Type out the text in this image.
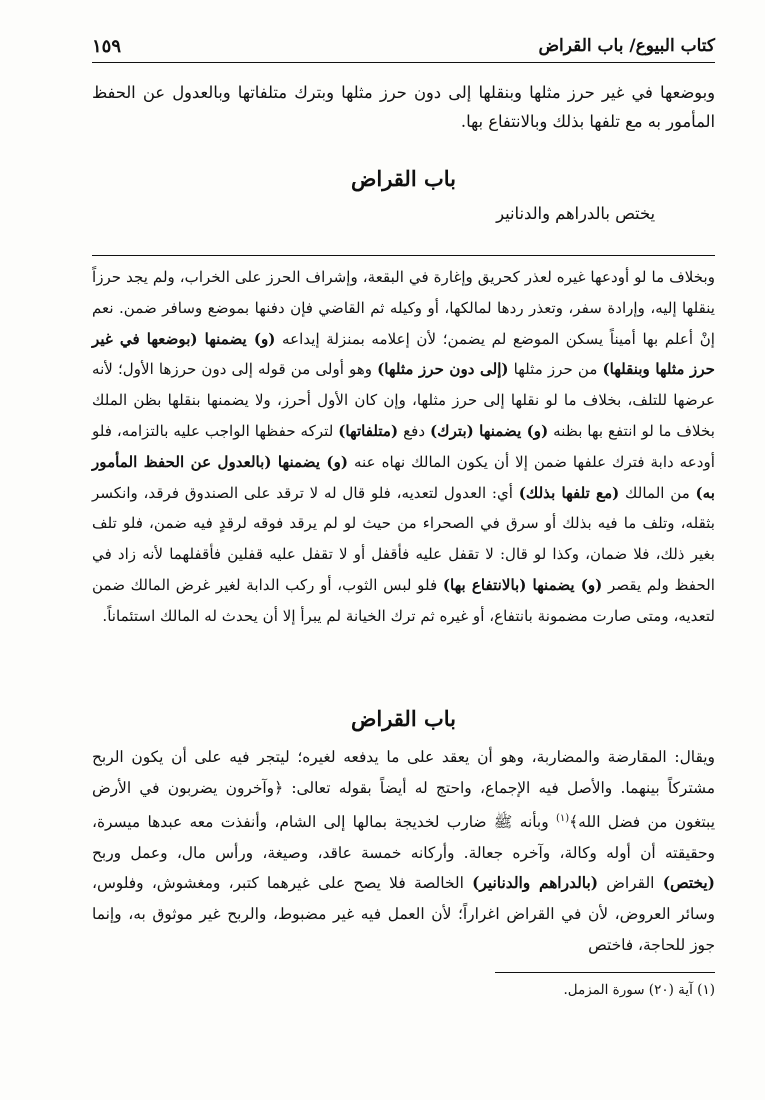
كتاب البيوع/ باب القراض
١٥٩

وبوضعها في غير حرز مثلها وبنقلها إلى دون حرز مثلها وبترك متلفاتها وبالعدول عن الحفظ المأمور به مع تلفها بذلك وبالانتفاع بها.

باب القراض
يختص بالدراهم والدنانير

وبخلاف ما لو أودعها غيره لعذر كحريق وإغارة في البقعة، وإشراف الحرز على الخراب، ولم يجد حرزاً ينقلها إليه، وإرادة سفر، وتعذر ردها لمالكها، أو وكيله ثم القاضي فإن دفنها بموضع وسافر ضمن. نعم إنْ أعلم بها أميناً يسكن الموضع لم يضمن؛ لأن إعلامه بمنزلة إيداعه (و) يضمنها (بوضعها في غير حرز مثلها وبنقلها) من حرز مثلها (إلى دون حرز مثلها) وهو أولى من قوله إلى دون حرزها الأول؛ لأنه عرضها للتلف، بخلاف ما لو نقلها إلى حرز مثلها، وإن كان الأول أحرز، ولا يضمنها بنقلها بظن الملك بخلاف ما لو انتفع بها بظنه (و) يضمنها (بترك) دفع (متلفاتها) لتركه حفظها الواجب عليه بالتزامه، فلو أودعه دابة فترك علفها ضمن إلا أن يكون المالك نهاه عنه (و) يضمنها (بالعدول عن الحفظ المأمور به) من المالك (مع تلفها بذلك) أي: العدول لتعديه، فلو قال له لا ترقد على الصندوق فرقد، وانكسر بثقله، وتلف ما فيه بذلك أو سرق في الصحراء من حيث لو لم يرقد فوقه لرقدٍ فيه ضمن، فلو تلف بغير ذلك، فلا ضمان، وكذا لو قال: لا تقفل عليه فأقفل أو لا تقفل عليه قفلين فأقفلهما لأنه زاد في الحفظ ولم يقصر (و) يضمنها (بالانتفاع بها) فلو لبس الثوب، أو ركب الدابة لغير غرض المالك ضمن لتعديه، ومتى صارت مضمونة بانتفاع، أو غيره ثم ترك الخيانة لم يبرأ إلا أن يحدث له المالك استئماناً.

باب القراض

ويقال: المقارضة والمضاربة، وهو أن يعقد على ما يدفعه لغيره؛ ليتجر فيه على أن يكون الربح مشتركاً بينهما. والأصل فيه الإجماع، واحتج له أيضاً بقوله تعالى: ﴿وآخرون يضربون في الأرض يبتغون من فضل الله﴾$^{(١)}$ وبأنه ﷺ ضارب لخديجة بمالها إلى الشام، وأنفذت معه عبدها ميسرة، وحقيقته أن أوله وكالة، وآخره جعالة. وأركانه خمسة عاقد، وصيغة، ورأس مال، وعمل وربح (يختص) القراض (بالدراهم والدنانير) الخالصة فلا يصح على غيرهما كتبر، ومغشوش، وفلوس، وسائر العروض، لأن في القراض اغراراً؛ لأن العمل فيه غير مضبوط، والربح غير موثوق به، وإنما جوز للحاجة، فاختص

(١) آية (٢٠) سورة المزمل.
